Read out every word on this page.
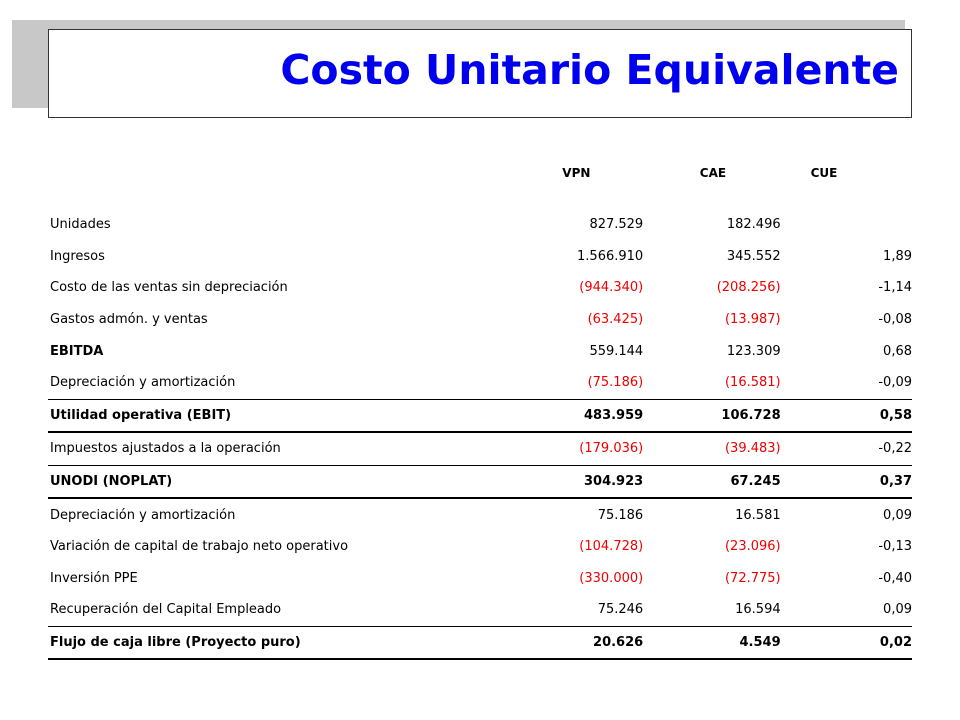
Costo Unitario Equivalente
	VPN	CAE	CUE

Unidades	827.529	182.496	
Ingresos	1.566.910	345.552	1,89
Costo de las ventas sin depreciación	(944.340)	(208.256)	-1,14
Gastos admón. y ventas	(63.425)	(13.987)	-0,08
EBITDA	559.144	123.309	0,68
Depreciación y amortización	(75.186)	(16.581)	-0,09
Utilidad operativa (EBIT)	483.959	106.728	0,58
Impuestos ajustados a la operación	(179.036)	(39.483)	-0,22
UNODI (NOPLAT)	304.923	67.245	0,37
Depreciación y amortización	75.186	16.581	0,09
Variación de capital de trabajo neto operativo	(104.728)	(23.096)	-0,13
Inversión PPE	(330.000)	(72.775)	-0,40
Recuperación del Capital Empleado	75.246	16.594	0,09
Flujo de caja libre (Proyecto puro)	20.626	4.549	0,02
